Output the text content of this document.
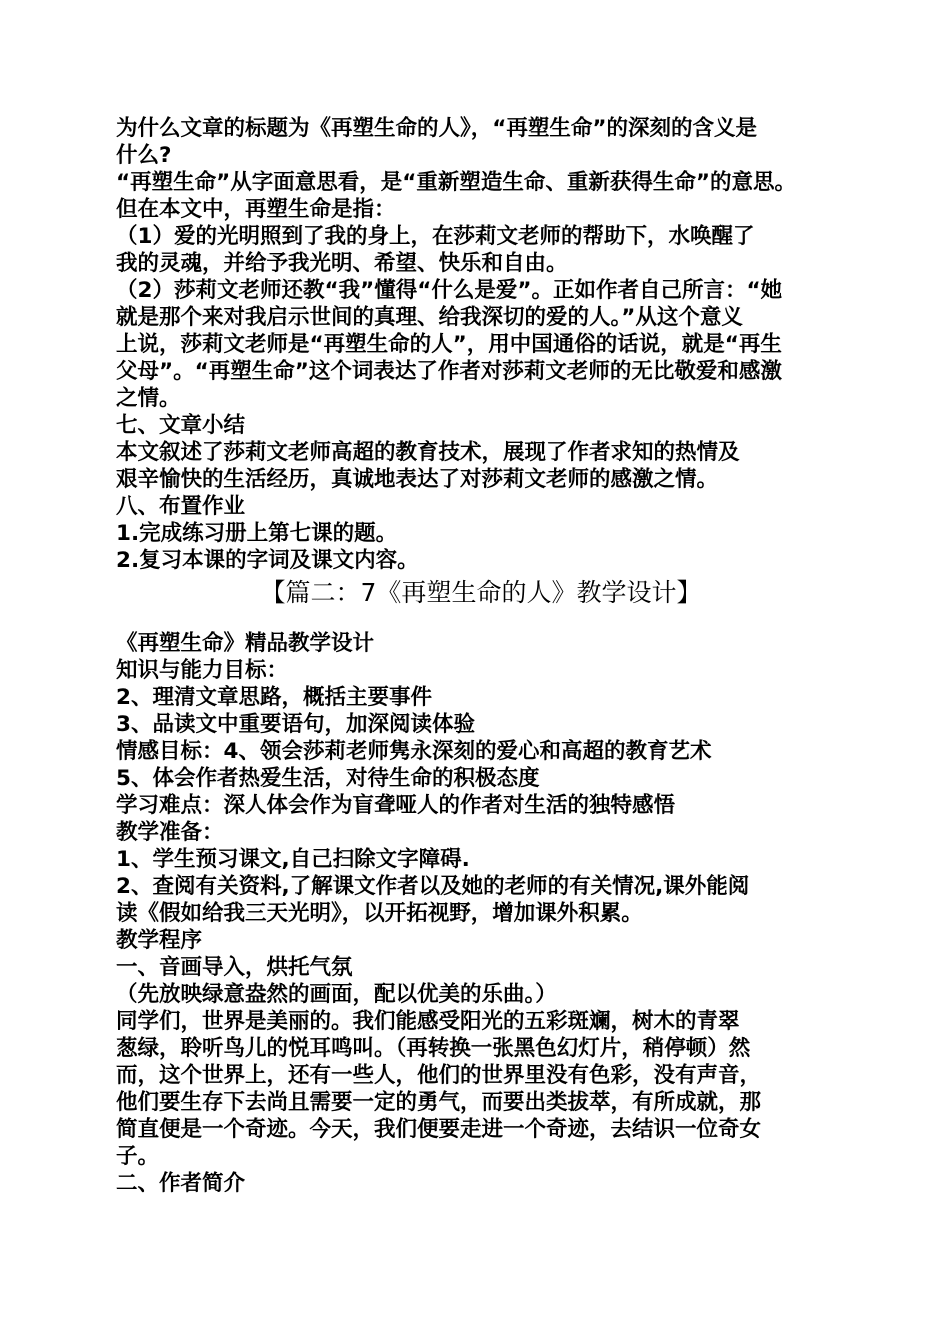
为什么文章的标题为《再塑生命的人》，“再塑生命”的深刻的含义是
什么?
“再塑生命”从字面意思看，是“重新塑造生命、重新获得生命”的意思。
但在本文中，再塑生命是指：
（1）爱的光明照到了我的身上，在莎莉文老师的帮助下，水唤醒了
我的灵魂，并给予我光明、希望、快乐和自由。
（2）莎莉文老师还教“我”懂得“什么是爱”。正如作者自己所言：“她
就是那个来对我启示世间的真理、给我深切的爱的人。”从这个意义
上说，莎莉文老师是“再塑生命的人”，用中国通俗的话说，就是“再生
父母”。“再塑生命”这个词表达了作者对莎莉文老师的无比敬爱和感激
之情。
七、文章小结
本文叙述了莎莉文老师高超的教育技术，展现了作者求知的热情及
艰辛愉快的生活经历，真诚地表达了对莎莉文老师的感激之情。
八、布置作业
1.完成练习册上第七课的题。
2.复习本课的字词及课文内容。
【篇二：7《再塑生命的人》教学设计】
《再塑生命》精品教学设计
知识与能力目标：
2、理清文章思路，概括主要事件
3、品读文中重要语句，加深阅读体验
情感目标：4、领会莎莉老师隽永深刻的爱心和高超的教育艺术
5、体会作者热爱生活，对待生命的积极态度
学习难点：深人体会作为盲聋哑人的作者对生活的独特感悟
教学准备：
1、学生预习课文,自己扫除文字障碍.
2、查阅有关资料,了解课文作者以及她的老师的有关情况,课外能阅
读《假如给我三天光明》，以开拓视野，增加课外积累。
教学程序
一、音画导入，烘托气氛
（先放映绿意盎然的画面，配以优美的乐曲。）
同学们，世界是美丽的。我们能感受阳光的五彩斑斓，树木的青翠
葱绿，聆听鸟儿的悦耳鸣叫。（再转换一张黑色幻灯片，稍停顿）然
而，这个世界上，还有一些人，他们的世界里没有色彩，没有声音，
他们要生存下去尚且需要一定的勇气，而要出类拔萃，有所成就，那
简直便是一个奇迹。今天，我们便要走进一个奇迹，去结识一位奇女
子。
二、作者简介
